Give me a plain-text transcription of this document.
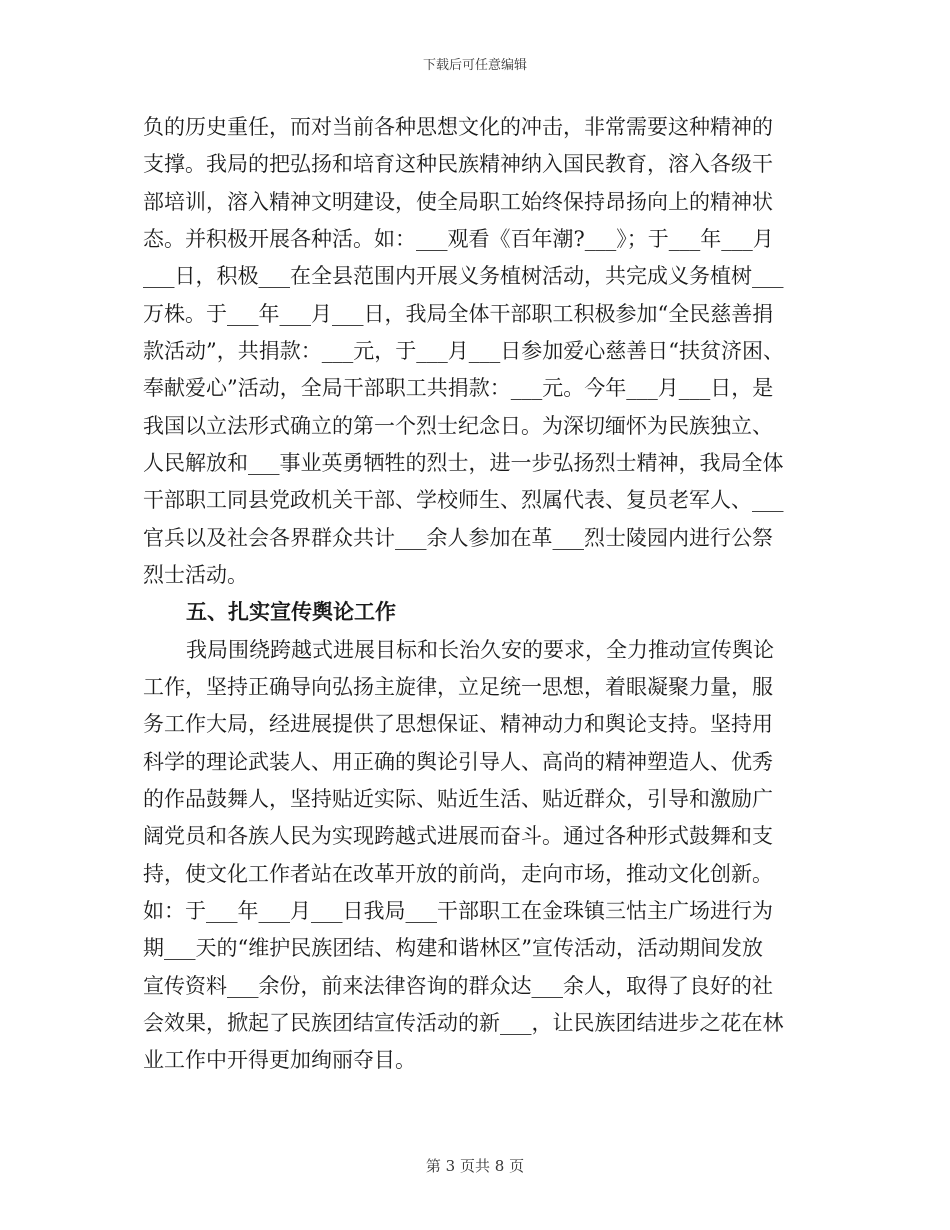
下载后可任意编辑
负的历史重任，而对当前各种思想文化的冲击，非常需要这种精神的
支撑。我局的把弘扬和培育这种民族精神纳入国民教育，溶入各级干
部培训，溶入精神文明建设，使全局职工始终保持昂扬向上的精神状
态。并积极开展各种活。如：___观看《百年潮?___》；于___年___月
___日，积极___在全县范围内开展义务植树活动，共完成义务植树___
万株。于___年___月___日，我局全体干部职工积极参加“全民慈善捐
款活动”，共捐款：___元，于___月___日参加爱心慈善日“扶贫济困、
奉献爱心”活动，全局干部职工共捐款：___元。今年___月___日，是
我国以立法形式确立的第一个烈士纪念日。为深切缅怀为民族独立、
人民解放和___事业英勇牺牲的烈士，进一步弘扬烈士精神，我局全体
干部职工同县党政机关干部、学校师生、烈属代表、复员老军人、___
官兵以及社会各界群众共计___余人参加在革___烈士陵园内进行公祭
烈士活动。
五、扎实宣传舆论工作
我局围绕跨越式进展目标和长治久安的要求，全力推动宣传舆论
工作，坚持正确导向弘扬主旋律，立足统一思想，着眼凝聚力量，服
务工作大局，经进展提供了思想保证、精神动力和舆论支持。坚持用
科学的理论武装人、用正确的舆论引导人、高尚的精神塑造人、优秀
的作品鼓舞人，坚持贴近实际、贴近生活、贴近群众，引导和激励广
阔党员和各族人民为实现跨越式进展而奋斗。通过各种形式鼓舞和支
持，使文化工作者站在改革开放的前尚，走向市场，推动文化创新。
如：于___年___月___日我局___干部职工在金珠镇三怙主广场进行为
期___天的“维护民族团结、构建和谐林区”宣传活动，活动期间发放
宣传资料___余份，前来法律咨询的群众达___余人，取得了良好的社
会效果，掀起了民族团结宣传活动的新___，让民族团结进步之花在林
业工作中开得更加绚丽夺目。
第 3 页共 8 页
